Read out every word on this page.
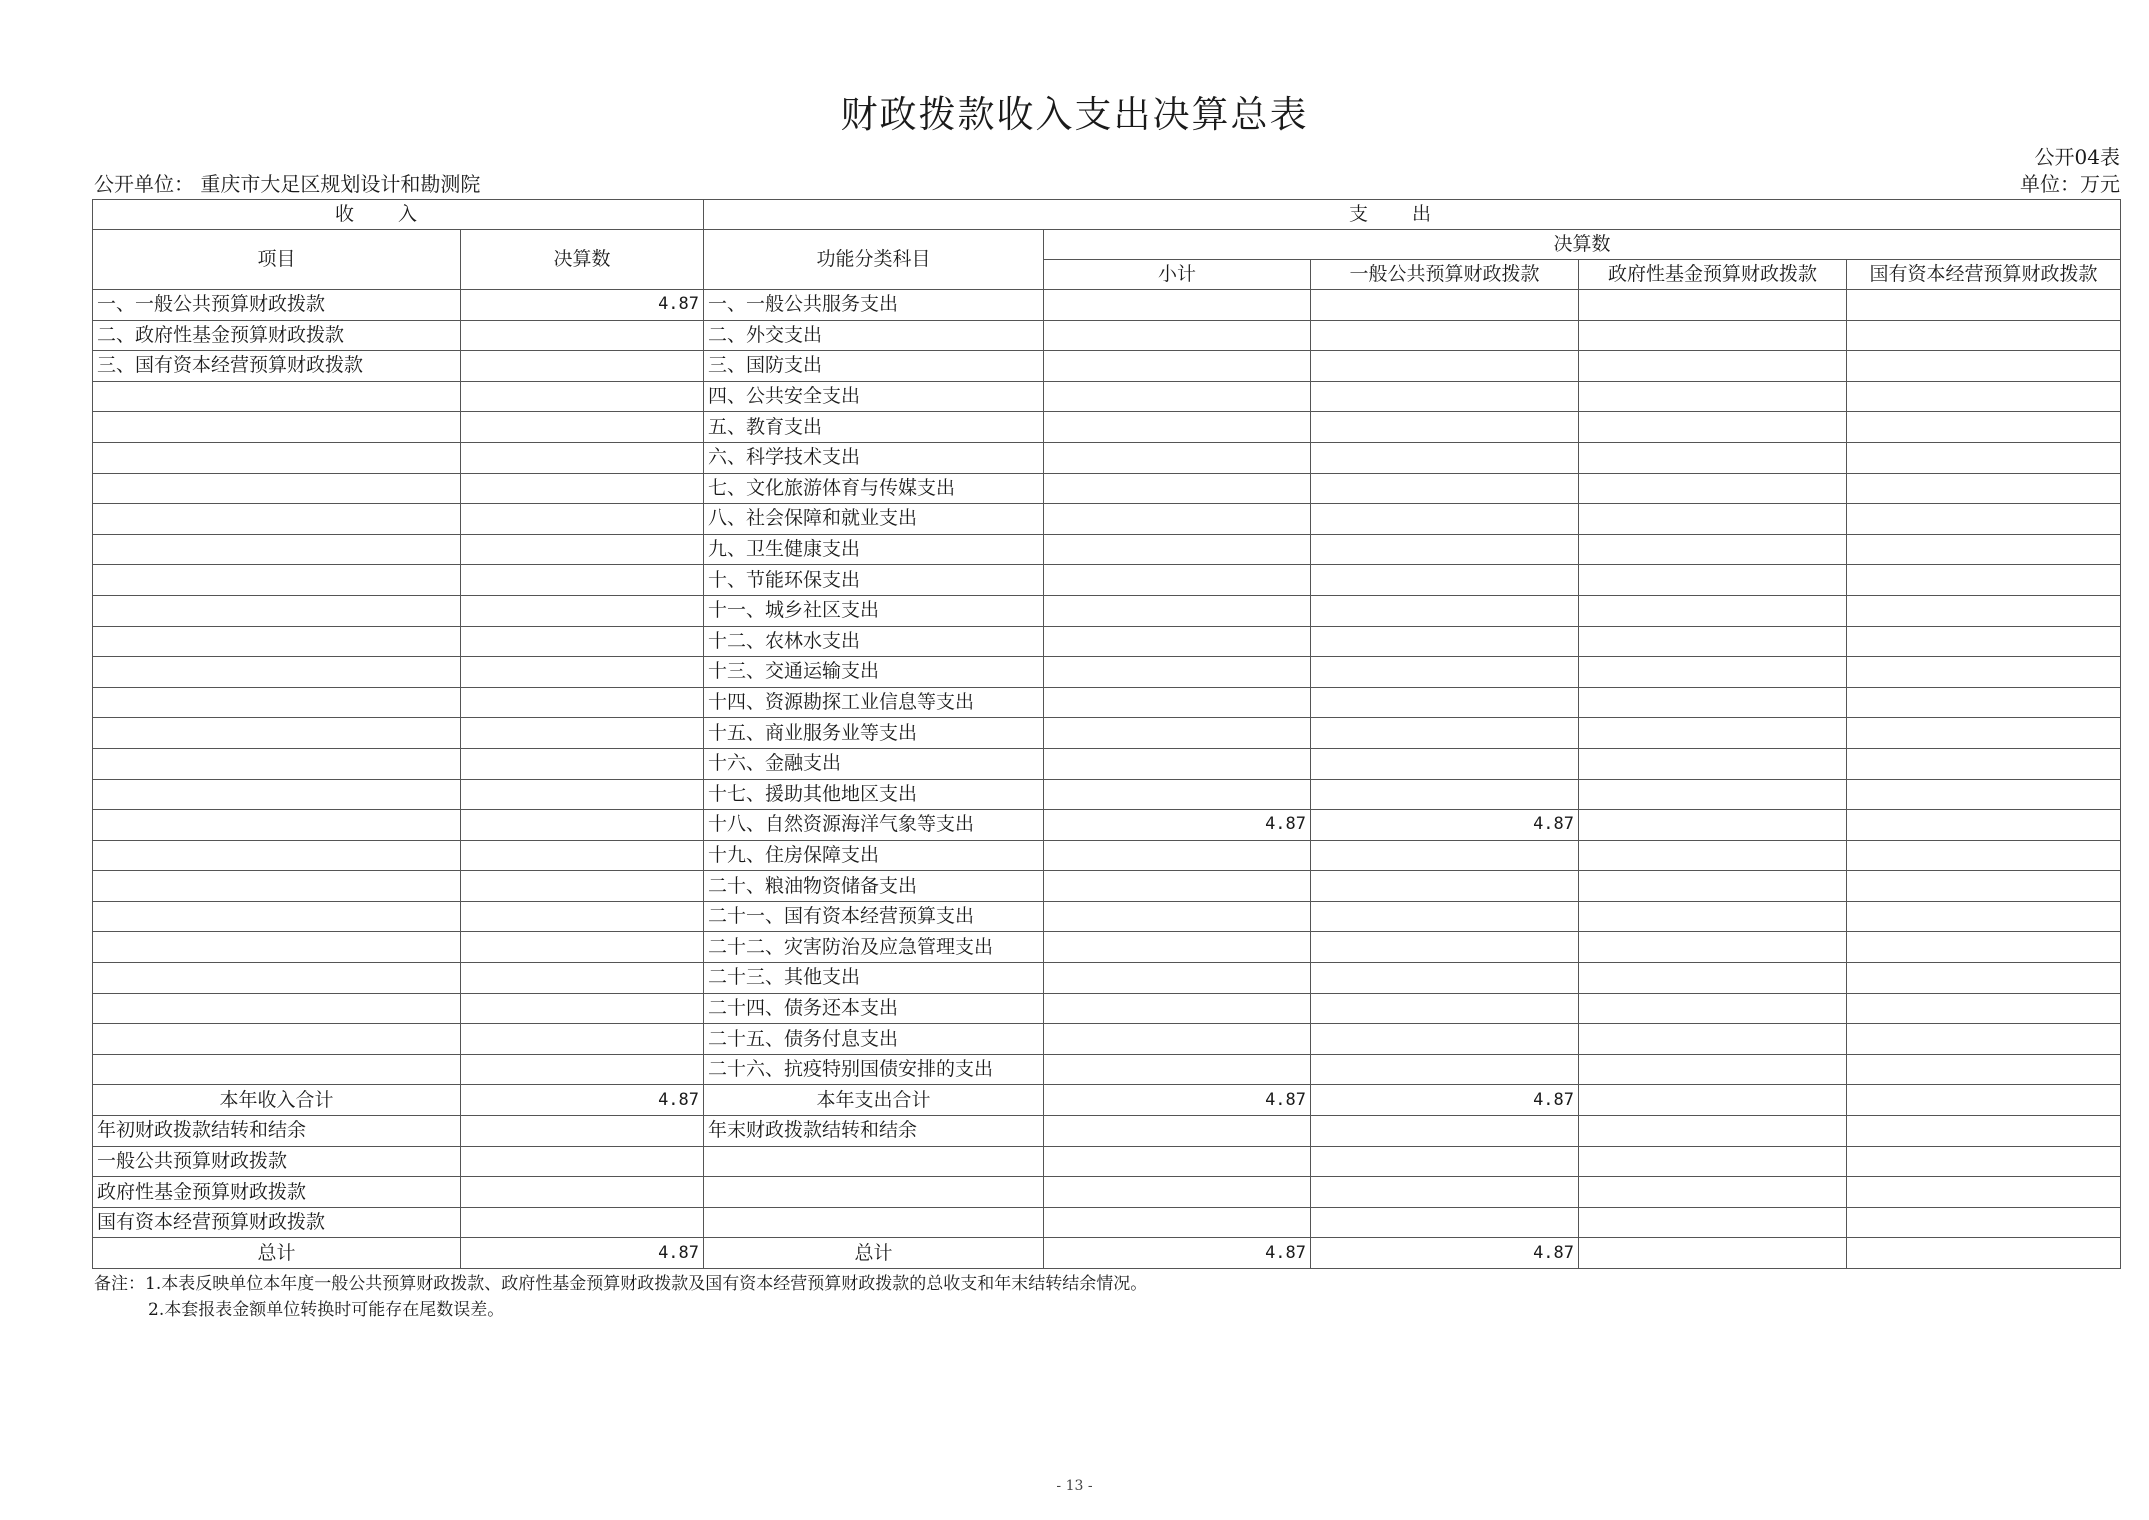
财政拨款收入支出决算总表
公开04表
公开单位： 重庆市大足区规划设计和勘测院	单位：万元
收入		支出				
项目	决算数	功能分类科目	决算数			
			小计	一般公共预算财政拨款	政府性基金预算财政拨款	国有资本经营预算财政拨款
一、一般公共预算财政拨款	4.87	一、一般公共服务支出				
二、政府性基金预算财政拨款		二、外交支出				
三、国有资本经营预算财政拨款		三、国防支出				
		四、公共安全支出				
		五、教育支出				
		六、科学技术支出				
		七、文化旅游体育与传媒支出				
		八、社会保障和就业支出				
		九、卫生健康支出				
		十、节能环保支出				
		十一、城乡社区支出				
		十二、农林水支出				
		十三、交通运输支出				
		十四、资源勘探工业信息等支出				
		十五、商业服务业等支出				
		十六、金融支出				
		十七、援助其他地区支出				
		十八、自然资源海洋气象等支出	4.87	4.87		
		十九、住房保障支出				
		二十、粮油物资储备支出				
		二十一、国有资本经营预算支出				
		二十二、灾害防治及应急管理支出				
		二十三、其他支出				
		二十四、债务还本支出				
		二十五、债务付息支出				
		二十六、抗疫特别国债安排的支出				
本年收入合计	4.87	本年支出合计	4.87	4.87		
年初财政拨款结转和结余		年末财政拨款结转和结余				
一般公共预算财政拨款						
政府性基金预算财政拨款						
国有资本经营预算财政拨款						
总计	4.87	总计	4.87	4.87		
备注：1.本表反映单位本年度一般公共预算财政拨款、政府性基金预算财政拨款及国有资本经营预算财政拨款的总收支和年末结转结余情况。
2.本套报表金额单位转换时可能存在尾数误差。
- 13 -
